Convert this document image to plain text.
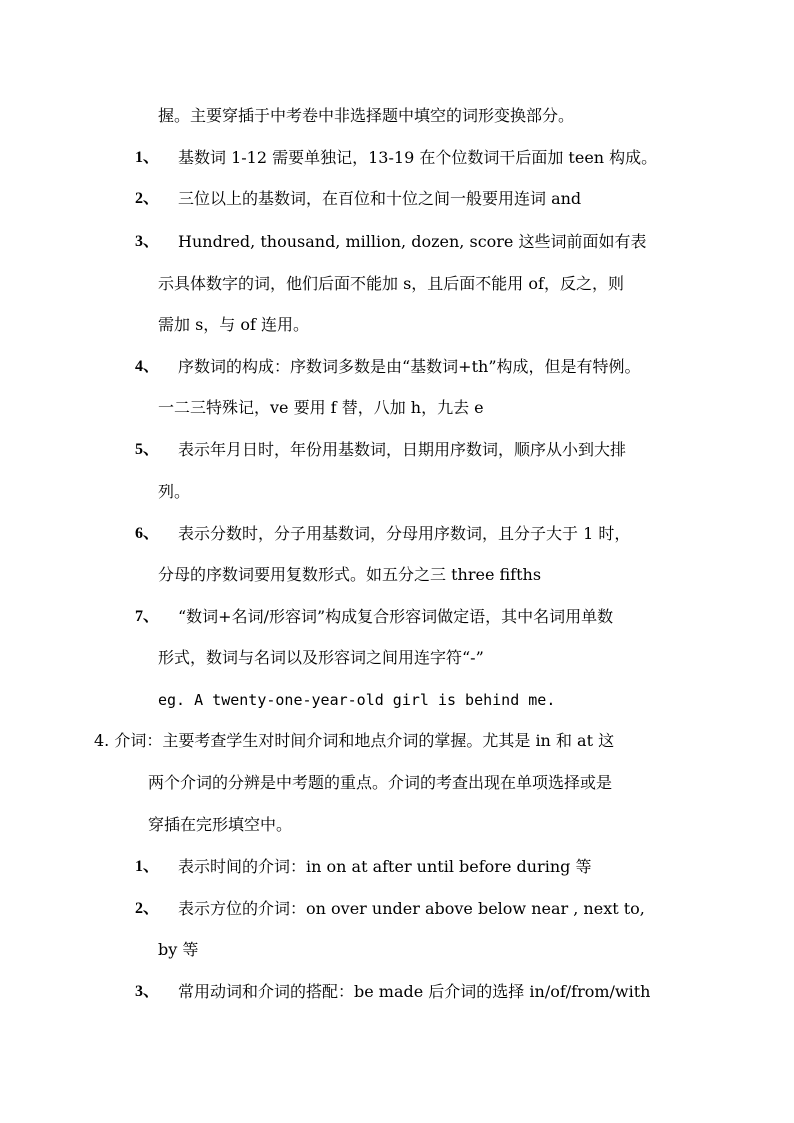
握。主要穿插于中考卷中非选择题中填空的词形变换部分。
1、 基数词 1-12 需要单独记，13-19 在个位数词干后面加 teen 构成。
2、 三位以上的基数词，在百位和十位之间一般要用连词 and
3、 Hundred, thousand, million, dozen, score 这些词前面如有表
示具体数字的词，他们后面不能加 s，且后面不能用 of，反之，则
需加 s，与 of 连用。
4、 序数词的构成：序数词多数是由“基数词+th”构成，但是有特例。
一二三特殊记，ve 要用 f 替，八加 h，九去 e
5、 表示年月日时，年份用基数词，日期用序数词，顺序从小到大排
列。
6、 表示分数时，分子用基数词，分母用序数词，且分子大于 1 时，
分母的序数词要用复数形式。如五分之三 three fifths
7、 “数词+名词/形容词”构成复合形容词做定语，其中名词用单数
形式，数词与名词以及形容词之间用连字符“-”
eg. A twenty-one-year-old girl is behind me.
4. 介词：主要考查学生对时间介词和地点介词的掌握。尤其是 in 和 at 这
两个介词的分辨是中考题的重点。介词的考查出现在单项选择或是
穿插在完形填空中。
1、 表示时间的介词：in on at after until before during 等
2、 表示方位的介词：on over under above below near , next to,
by 等
3、 常用动词和介词的搭配：be made 后介词的选择 in/of/from/with
